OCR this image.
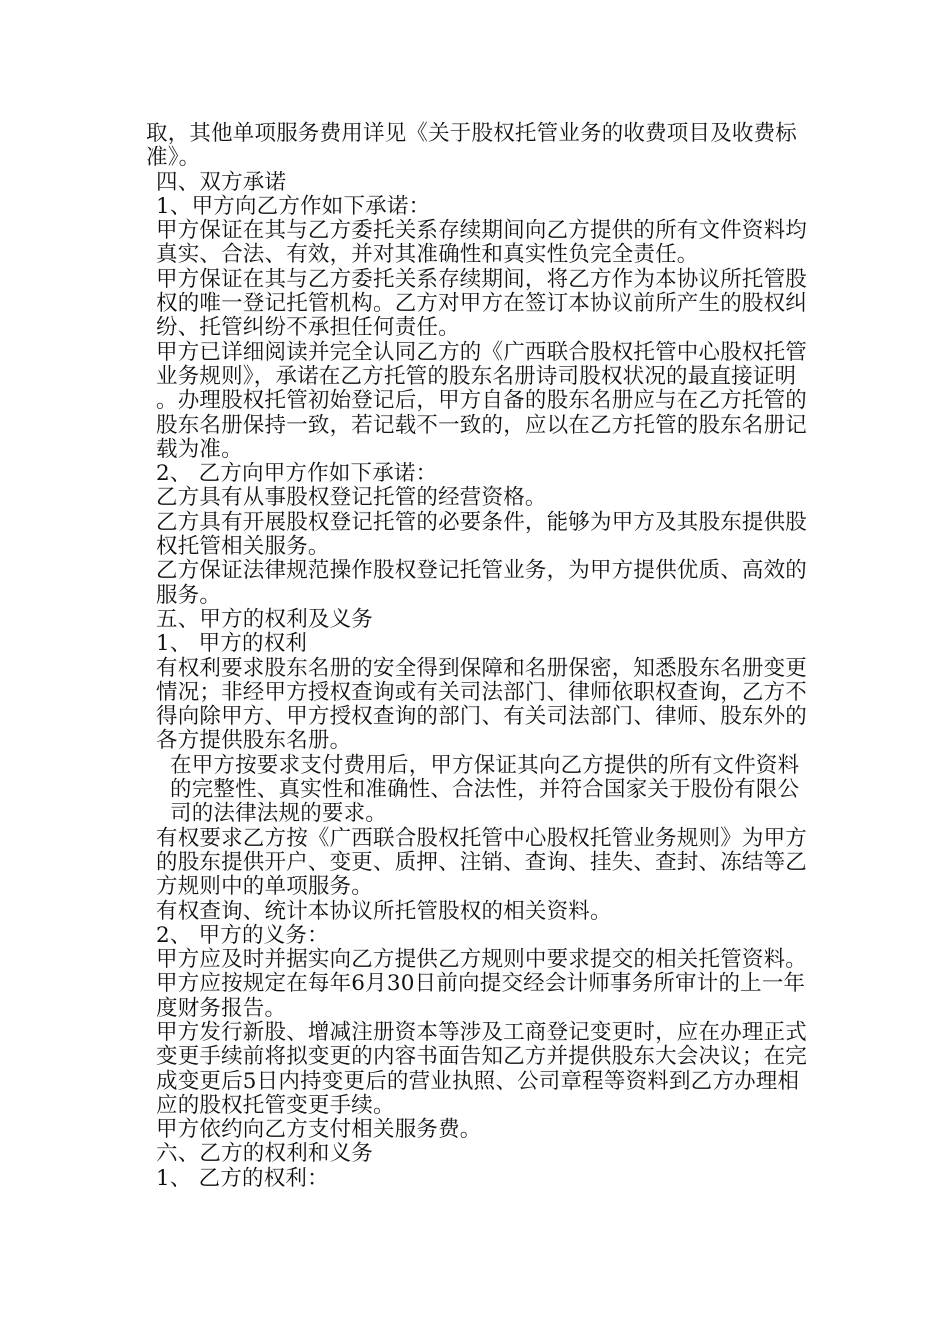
取，其他单项服务费用详见《关于股权托管业务的收费项目及收费标准》。

四、双方承诺

1、甲方向乙方作如下承诺：

甲方保证在其与乙方委托关系存续期间向乙方提供的所有文件资料均真实、合法、有效，并对其准确性和真实性负完全责任。

甲方保证在其与乙方委托关系存续期间，将乙方作为本协议所托管股权的唯一登记托管机构。乙方对甲方在签订本协议前所产生的股权纠纷、托管纠纷不承担任何责任。

甲方已详细阅读并完全认同乙方的《广西联合股权托管中心股权托管业务规则》，承诺在乙方托管的股东名册诗司股权状况的最直接证明。办理股权托管初始登记后，甲方自备的股东名册应与在乙方托管的股东名册保持一致，若记载不一致的，应以在乙方托管的股东名册记载为准。

2、 乙方向甲方作如下承诺：

乙方具有从事股权登记托管的经营资格。

乙方具有开展股权登记托管的必要条件，能够为甲方及其股东提供股权托管相关服务。

乙方保证法律规范操作股权登记托管业务，为甲方提供优质、高效的服务。

五、甲方的权利及义务

1、 甲方的权利

有权利要求股东名册的安全得到保障和名册保密，知悉股东名册变更情况；非经甲方授权查询或有关司法部门、律师依职权查询，乙方不得向除甲方、甲方授权查询的部门、有关司法部门、律师、股东外的各方提供股东名册。

在甲方按要求支付费用后，甲方保证其向乙方提供的所有文件资料的完整性、真实性和准确性、合法性，并符合国家关于股份有限公司的法律法规的要求。

有权要求乙方按《广西联合股权托管中心股权托管业务规则》为甲方的股东提供开户、变更、质押、注销、查询、挂失、查封、冻结等乙方规则中的单项服务。

有权查询、统计本协议所托管股权的相关资料。

2、 甲方的义务：

甲方应及时并据实向乙方提供乙方规则中要求提交的相关托管资料。

甲方应按规定在每年6月30日前向提交经会计师事务所审计的上一年度财务报告。

甲方发行新股、增减注册资本等涉及工商登记变更时，应在办理正式变更手续前将拟变更的内容书面告知乙方并提供股东大会决议；在完成变更后5日内持变更后的营业执照、公司章程等资料到乙方办理相应的股权托管变更手续。

甲方依约向乙方支付相关服务费。

六、乙方的权利和义务

1、 乙方的权利：
